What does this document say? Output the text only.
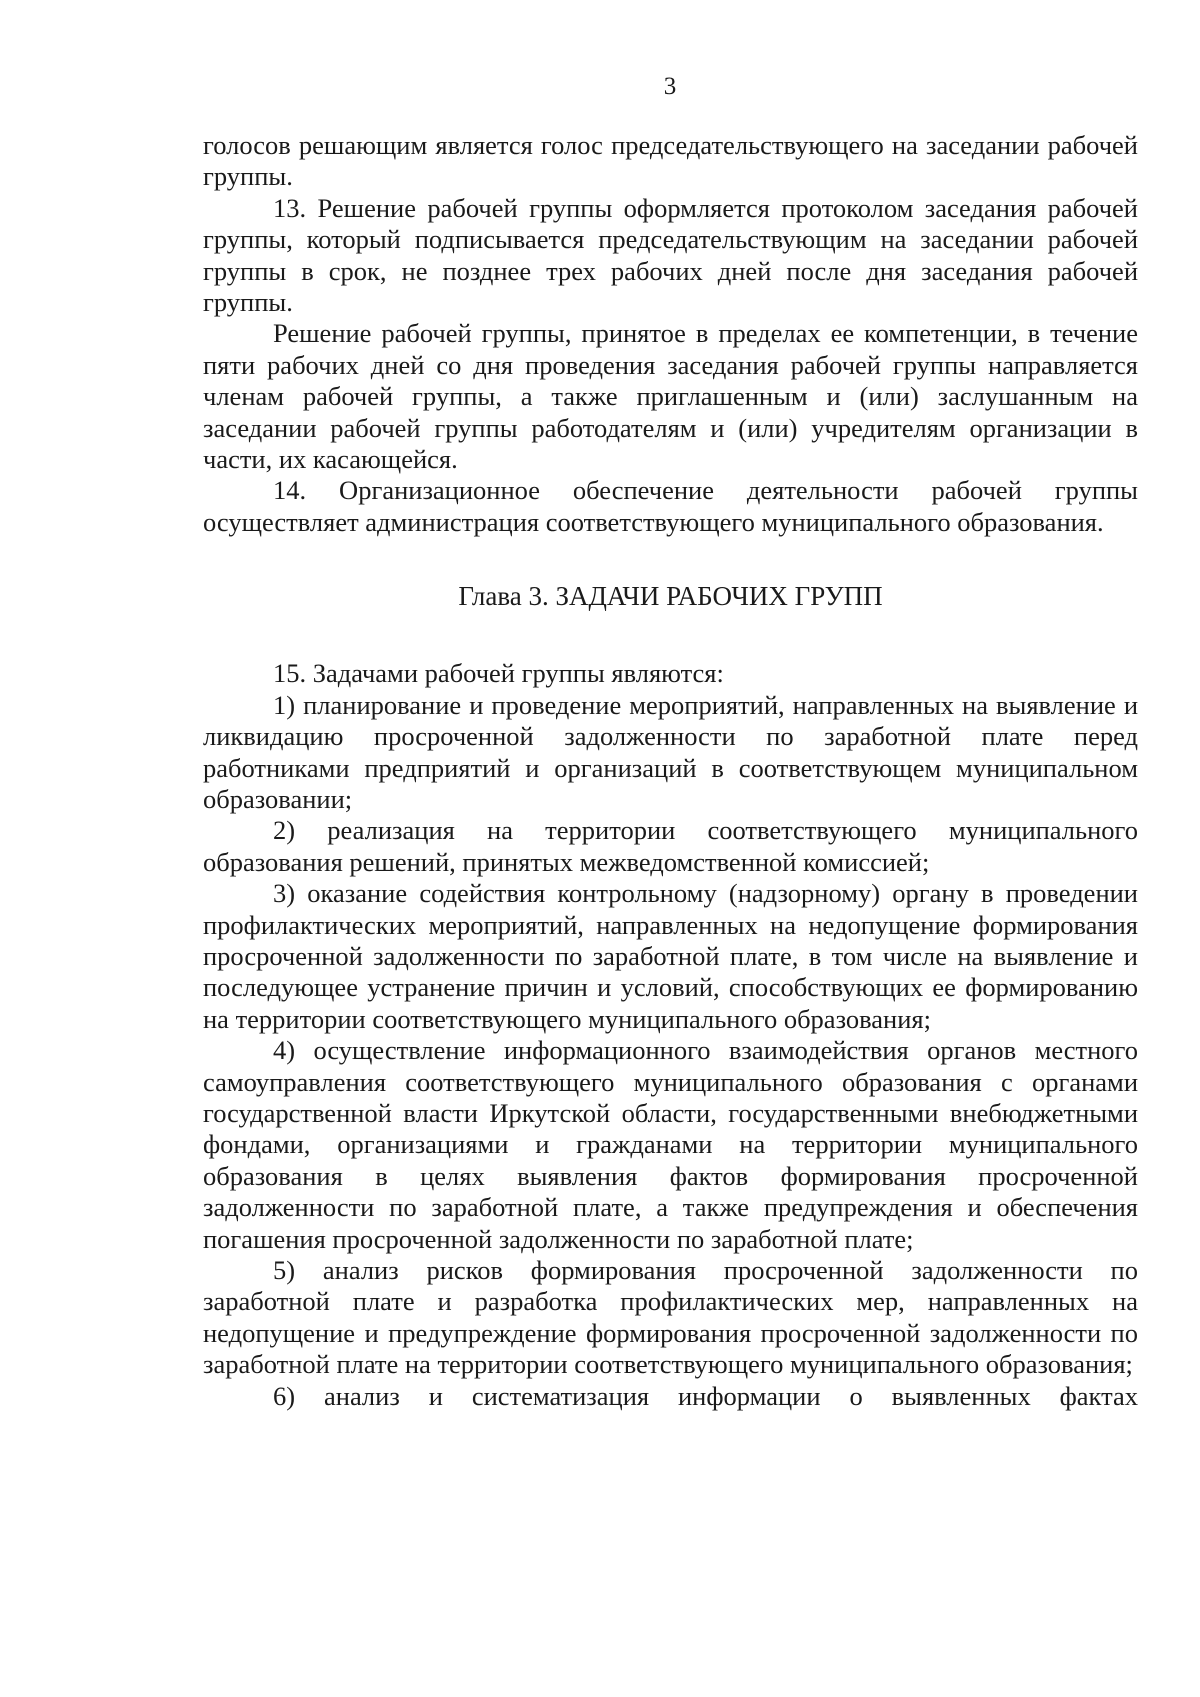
3

голосов решающим является голос председательствующего на заседании рабочей группы.

13. Решение рабочей группы оформляется протоколом заседания рабочей группы, который подписывается председательствующим на заседании рабочей группы в срок, не позднее трех рабочих дней после дня заседания рабочей группы.

Решение рабочей группы, принятое в пределах ее компетенции, в течение пяти рабочих дней со дня проведения заседания рабочей группы направляется членам рабочей группы, а также приглашенным и (или) заслушанным на заседании рабочей группы работодателям и (или) учредителям организации в части, их касающейся.

14. Организационное обеспечение деятельности рабочей группы осуществляет администрация соответствующего муниципального образования.

Глава 3. ЗАДАЧИ РАБОЧИХ ГРУПП

15. Задачами рабочей группы являются:

1) планирование и проведение мероприятий, направленных на выявление и ликвидацию просроченной задолженности по заработной плате перед работниками предприятий и организаций в соответствующем муниципальном образовании;

2) реализация на территории соответствующего муниципального образования решений, принятых межведомственной комиссией;

3) оказание содействия контрольному (надзорному) органу в проведении профилактических мероприятий, направленных на недопущение формирования просроченной задолженности по заработной плате, в том числе на выявление и последующее устранение причин и условий, способствующих ее формированию на территории соответствующего муниципального образования;

4) осуществление информационного взаимодействия органов местного самоуправления соответствующего муниципального образования с органами государственной власти Иркутской области, государственными внебюджетными фондами, организациями и гражданами на территории муниципального образования в целях выявления фактов формирования просроченной задолженности по заработной плате, а также предупреждения и обеспечения погашения просроченной задолженности по заработной плате;

5) анализ рисков формирования просроченной задолженности по заработной плате и разработка профилактических мер, направленных на недопущение и предупреждение формирования просроченной задолженности по заработной плате на территории соответствующего муниципального образования;

6) анализ и систематизация информации о выявленных фактах
